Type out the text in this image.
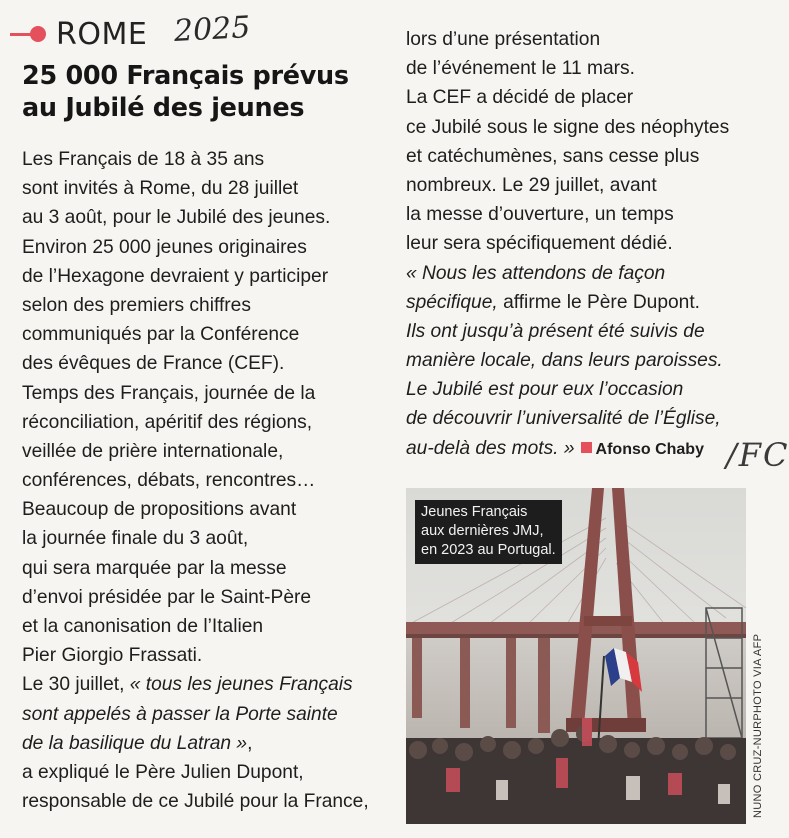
ROME 2025
25 000 Français prévus
au Jubilé des jeunes
Les Français de 18 à 35 ans
sont invités à Rome, du 28 juillet
au 3 août, pour le Jubilé des jeunes.
Environ 25 000 jeunes originaires
de l’Hexagone devraient y participer
selon des premiers chiffres
communiqués par la Conférence
des évêques de France (CEF).
Temps des Français, journée de la
réconciliation, apéritif des régions,
veillée de prière internationale,
conférences, débats, rencontres…
Beaucoup de propositions avant
la journée finale du 3 août,
qui sera marquée par la messe
d’envoi présidée par le Saint-Père
et la canonisation de l’Italien
Pier Giorgio Frassati.
Le 30 juillet, « tous les jeunes Français
sont appelés à passer la Porte sainte
de la basilique du Latran »,
a expliqué le Père Julien Dupont,
responsable de ce Jubilé pour la France,
lors d’une présentation
de l’événement le 11 mars.
La CEF a décidé de placer
ce Jubilé sous le signe des néophytes
et catéchumènes, sans cesse plus
nombreux. Le 29 juillet, avant
la messe d’ouverture, un temps
leur sera spécifiquement dédié.
« Nous les attendons de façon
spécifique, affirme le Père Dupont.
Ils ont jusqu’à présent été suivis de
manière locale, dans leurs paroisses.
Le Jubilé est pour eux l’occasion
de découvrir l’universalité de l’Église,
au-delà des mots. » Afonso Chaby /FC
Jeunes Français
aux dernières JMJ,
en 2023 au Portugal.
NUNO CRUZ-NURPHOTO VIA AFP
